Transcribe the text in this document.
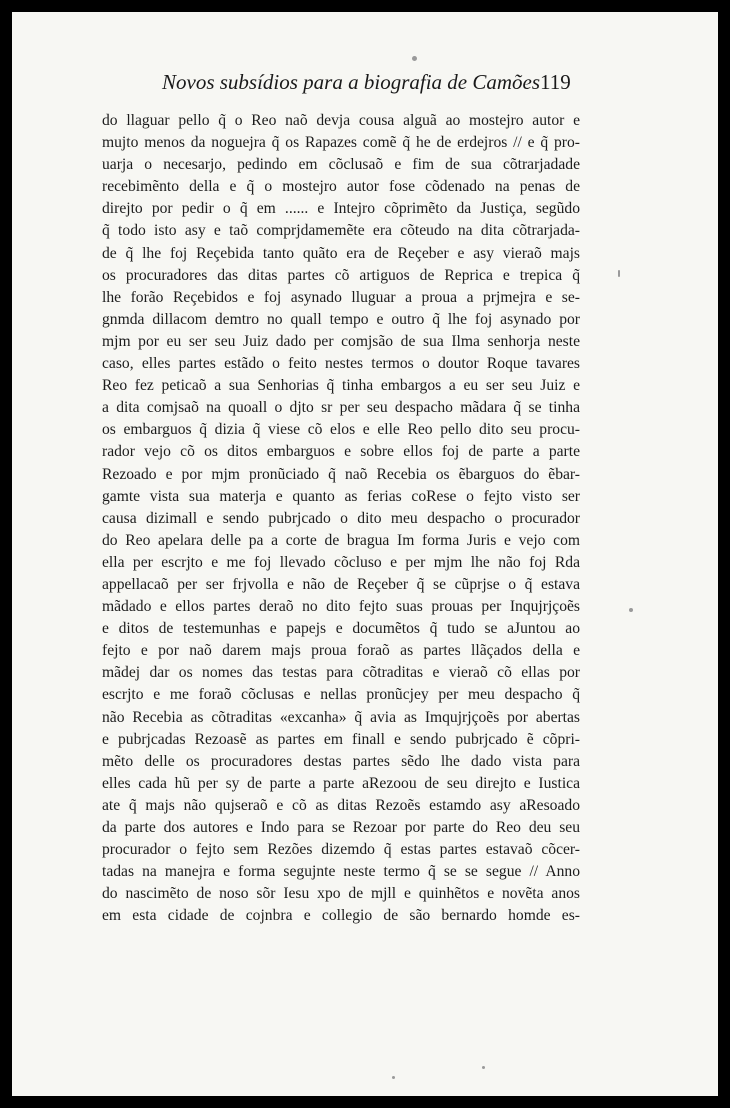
Novos subsídios para a biografia de Camões 119
do llaguar pello q̃ o Reo naõ devja cousa alguã ao mostejro autor e
mujto menos da noguejra q̃ os Rapazes comẽ q̃ he de erdejros // e q̃ pro-
uarja o necesarjo, pedindo em cõclusaõ e fim de sua cõtrarjadade
recebimẽnto della e q̃ o mostejro autor fose cõdenado na penas de
direjto por pedir o q̃ em ...... e Intejro cõprimẽto da Justiça, segũdo
q̃ todo isto asy e taõ comprjdamemẽte era cõteudo na dita cõtrarjada-
de q̃ lhe foj Reçebida tanto quãto era de Reçeber e asy vieraõ majs
os procuradores das ditas partes cõ artiguos de Reprica e trepica q̃
lhe forão Reçebidos e foj asynado lluguar a proua a prjmejra e se-
gnmda dillacom demtro no quall tempo e outro q̃ lhe foj asynado por
mjm por eu ser seu Juiz dado per comjsão de sua Ilma senhorja neste
caso, elles partes estãdo o feito nestes termos o doutor Roque tavares
Reo fez peticaõ a sua Senhorias q̃ tinha embargos a eu ser seu Juiz e
a dita comjsaõ na quoall o djto sr per seu despacho mãdara q̃ se tinha
os embarguos q̃ dizia q̃ viese cõ elos e elle Reo pello dito seu procu-
rador vejo cõ os ditos embarguos e sobre ellos foj de parte a parte
Rezoado e por mjm pronũciado q̃ naõ Recebia os ẽbarguos do ẽbar-
gamte vista sua materja e quanto as ferias coRese o fejto visto ser
causa dizimall e sendo pubrjcado o dito meu despacho o procurador
do Reo apelara delle pa a corte de bragua Im forma Juris e vejo com
ella per escrjto e me foj llevado cõcluso e per mjm lhe não foj Rda
appellacaõ per ser frjvolla e não de Reçeber q̃ se cũprjse o q̃ estava
mãdado e ellos partes deraõ no dito fejto suas prouas per Inqujrjçoẽs
e ditos de testemunhas e papejs e documẽtos q̃ tudo se aJuntou ao
fejto e por naõ darem majs proua foraõ as partes llãçados della e
mãdej dar os nomes das testas para cõtraditas e vieraõ cõ ellas por
escrjto e me foraõ cõclusas e nellas pronũcjey per meu despacho q̃
não Recebia as cõtraditas «excanha» q̃ avia as Imqujrjçoẽs por abertas
e pubrjcadas Rezoasẽ as partes em finall e sendo pubrjcado ẽ cõpri-
mẽto delle os procuradores destas partes sẽdo lhe dado vista para
elles cada hũ per sy de parte a parte aRezoou de seu direjto e Iustica
ate q̃ majs não qujseraõ e cõ as ditas Rezoẽs estamdo asy aResoado
da parte dos autores e Indo para se Rezoar por parte do Reo deu seu
procurador o fejto sem Rezões dizemdo q̃ estas partes estavaõ cõcer-
tadas na manejra e forma segujnte neste termo q̃ se se segue // Anno
do nascimẽto de noso sõr Iesu xpo de mjll e quinhẽtos e novẽta anos
em esta cidade de cojnbra e collegio de são bernardo homde es-
